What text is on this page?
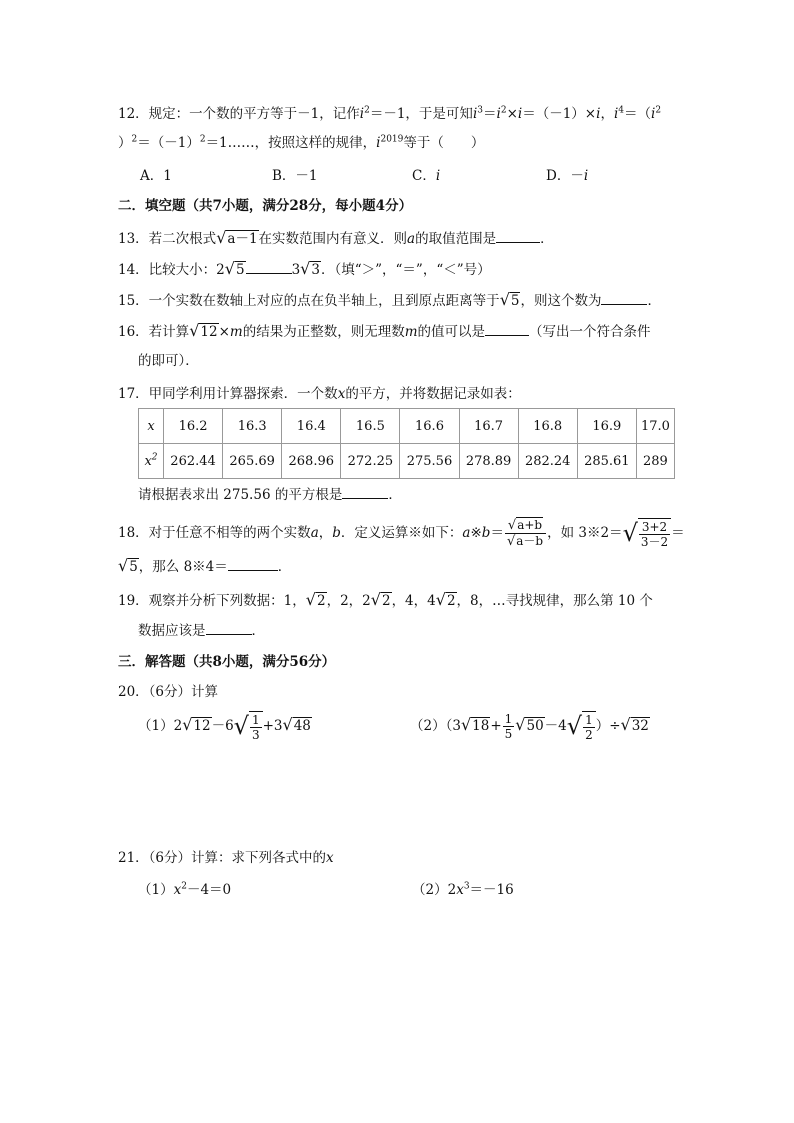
12．规定：一个数的平方等于－1，记作$i^2=-1$，于是可知$i^3=i^2\times i=(-1)\times i$，$i^4=(i^2$
）$^2=(-1)^2=1\dots\dots$，按照这样的规律，$i^{2019}$等于（　　）
A．1	B．－1	C．i	D．－i
二．填空题（共7小题，满分28分，每小题4分）
13．若二次根式√a－1在实数范围内有意义．则a的取值范围是	．
14．比较大小：2√5	3√3．（填“＞”，“＝”，“＜”号）
15．一个实数在数轴上对应的点在负半轴上，且到原点距离等于√5，则这个数为	．
16．若计算√12×m的结果为正整数，则无理数m的值可以是	（写出一个符合条件
的即可）．
17．甲同学利用计算器探索．一个数x的平方，并将数据记录如表：
x	16.2	16.3	16.4	16.5	16.6	16.7	16.8	16.9	17.0
$x^2$	262.44	265.69	268.96	272.25	275.56	278.89	282.24	285.61	289
请根据表求出 275.56 的平方根是	．
18．对于任意不相等的两个实数a，b．定义运算※如下：a※b＝ $\frac{√a+b}{√a-b}$ ，如 3※2＝ √ $\frac{3+2}{3-2}$ ＝
√5，那么 8※4＝	．
19．观察并分析下列数据：1，√2，2，2√2，4，4√2，8，…寻找规律，那么第 10 个
数据应该是	．
三．解答题（共8小题，满分56分）
20．（6分）计算
（1）2√12－6 √ $\frac{1}{3} +3√48$	$(2)(3√18+ \frac{1}{5} √50-4$ √ $\frac{1}{2} )\div√32$
21．（6分）计算：求下列各式中的x
$(1)x^2-4=0$	$(2)2x^3=-16$
